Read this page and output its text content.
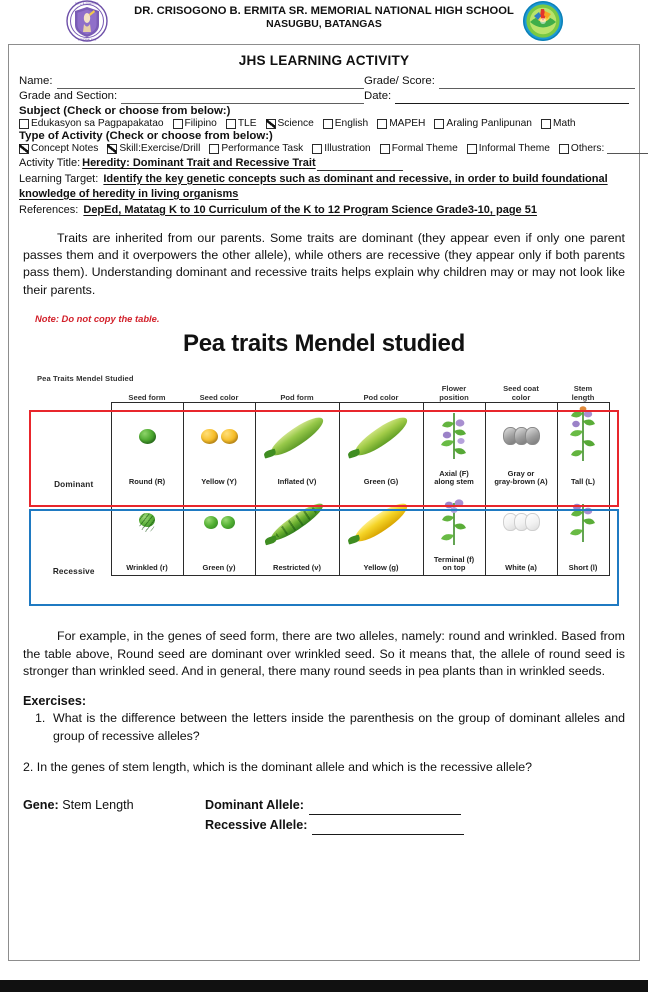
DR. C. B. ERMITA SR.
MEMORIAL NHS
DR. CRISOGONO B. ERMITA SR. MEMORIAL NATIONAL HIGH SCHOOL
NASUGBU, BATANGAS
JHS LEARNING ACTIVITY
Name:
Grade and Section:
Grade/ Score:
Date:
Subject (Check or choose from below:)
Edukasyon sa Pagpapakatao Filipino TLE Science English MAPEH Araling Panlipunan Math
Type of Activity (Check or choose from below:)
Concept Notes Skill:Exercise/Drill Performance Task Illustration Formal Theme Informal Theme Others:
Activity Title: Heredity: Dominant Trait and Recessive Trait
Learning Target: Identify the key genetic concepts such as dominant and recessive, in order to build foundational knowledge of heredity in living organisms
References: DepEd, Matatag K to 10 Curriculum of the K to 12 Program Science Grade3-10, page 51
Traits are inherited from our parents. Some traits are dominant (they appear even if only one parent passes them and it overpowers the other allele), while others are recessive (they appear only if both parents pass them). Understanding dominant and recessive traits helps explain why children may or may not look like their parents.
Note: Do not copy the table.
Pea traits Mendel studied
Pea Traits Mendel Studied
	Seed form	Seed color	Pod form	Pod color	Flower
position	Seed coat
color	Stem
length	
Dominant	Round (R)	Yellow (Y)	Inflated (V)	Green (G)	Axial (F)
along stem	Gray or
gray-brown (A)	Tall (L)	

Recessive	Wrinkled (r)	Green (y)	Restricted (v)	Yellow (g)	Terminal (f)
on top	White (a)	Short (l)	

For example, in the genes of seed form, there are two alleles, namely: round and wrinkled. Based from the table above, Round seed are dominant over wrinkled seed. So it means that, the allele of round seed is stronger than wrinkled seed. And in general, there many round seeds in pea plants than in wrinkled seeds.
Exercises:
1. What is the difference between the letters inside the parenthesis on the group of dominant alleles and group of recessive alleles?
2. In the genes of stem length, which is the dominant allele and which is the recessive allele?
Gene: Stem Length	Dominant Allele:
Recessive Allele:
